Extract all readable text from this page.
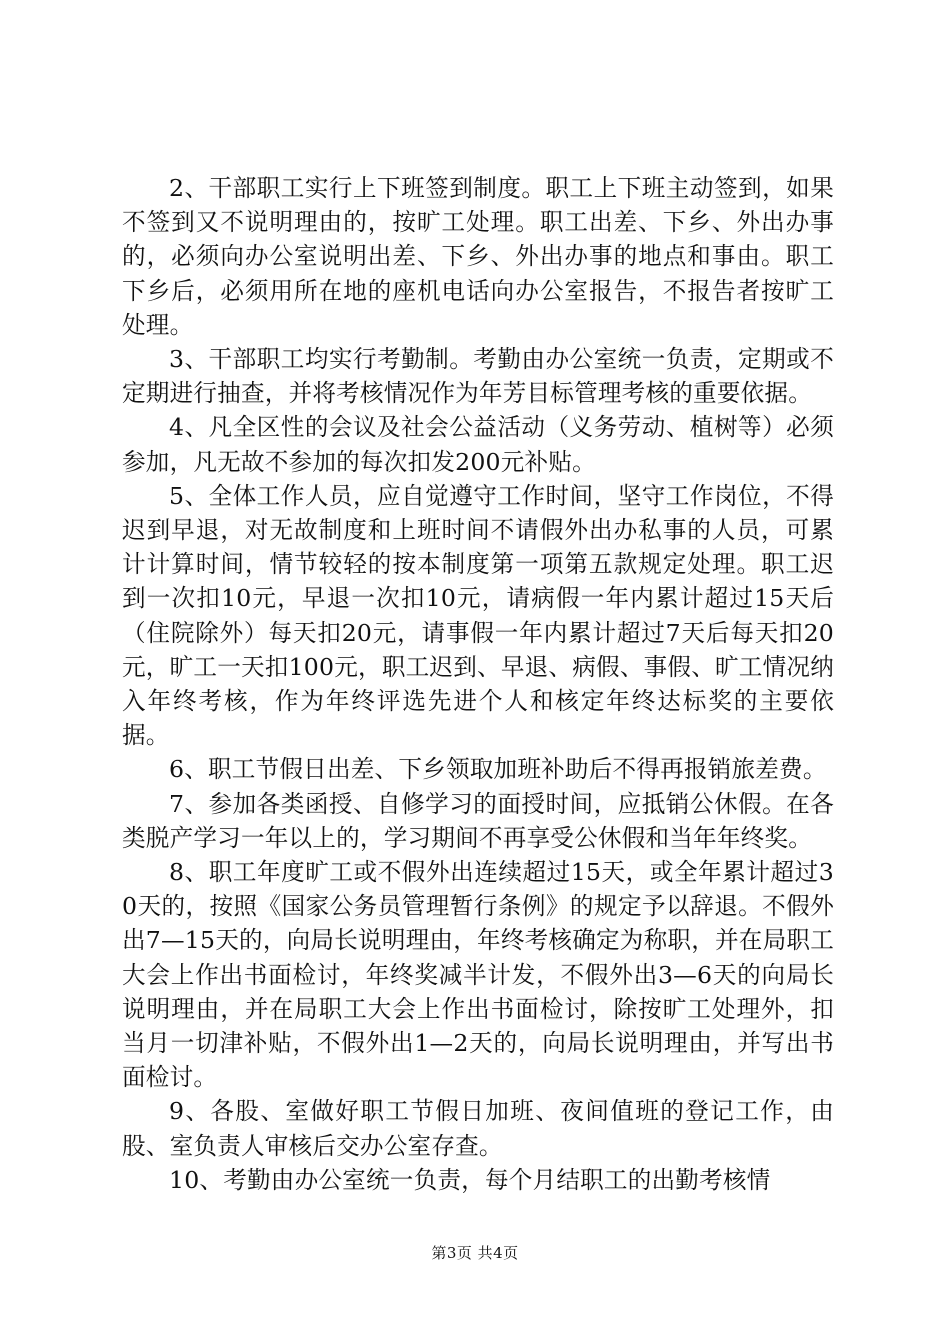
2、干部职工实行上下班签到制度。职工上下班主动签到，如果不签到又不说明理由的，按旷工处理。职工出差、下乡、外出办事的，必须向办公室说明出差、下乡、外出办事的地点和事由。职工下乡后，必须用所在地的座机电话向办公室报告，不报告者按旷工处理。

3、干部职工均实行考勤制。考勤由办公室统一负责，定期或不定期进行抽查，并将考核情况作为年芳目标管理考核的重要依据。

4、凡全区性的会议及社会公益活动（义务劳动、植树等）必须参加，凡无故不参加的每次扣发200元补贴。

5、全体工作人员，应自觉遵守工作时间，坚守工作岗位，不得迟到早退，对无故制度和上班时间不请假外出办私事的人员，可累计计算时间，情节较轻的按本制度第一项第五款规定处理。职工迟到一次扣10元，早退一次扣10元，请病假一年内累计超过15天后（住院除外）每天扣20元，请事假一年内累计超过7天后每天扣20元，旷工一天扣100元，职工迟到、早退、病假、事假、旷工情况纳入年终考核，作为年终评选先进个人和核定年终达标奖的主要依据。

6、职工节假日出差、下乡领取加班补助后不得再报销旅差费。

7、参加各类函授、自修学习的面授时间，应抵销公休假。在各类脱产学习一年以上的，学习期间不再享受公休假和当年年终奖。

8、职工年度旷工或不假外出连续超过15天，或全年累计超过30天的，按照《国家公务员管理暂行条例》的规定予以辞退。不假外出7—15天的，向局长说明理由，年终考核确定为称职，并在局职工大会上作出书面检讨，年终奖减半计发，不假外出3—6天的向局长说明理由，并在局职工大会上作出书面检讨，除按旷工处理外，扣当月一切津补贴，不假外出1—2天的，向局长说明理由，并写出书面检讨。

9、各股、室做好职工节假日加班、夜间值班的登记工作，由股、室负责人审核后交办公室存查。

10、考勤由办公室统一负责，每个月结职工的出勤考核情

第3页 共4页
